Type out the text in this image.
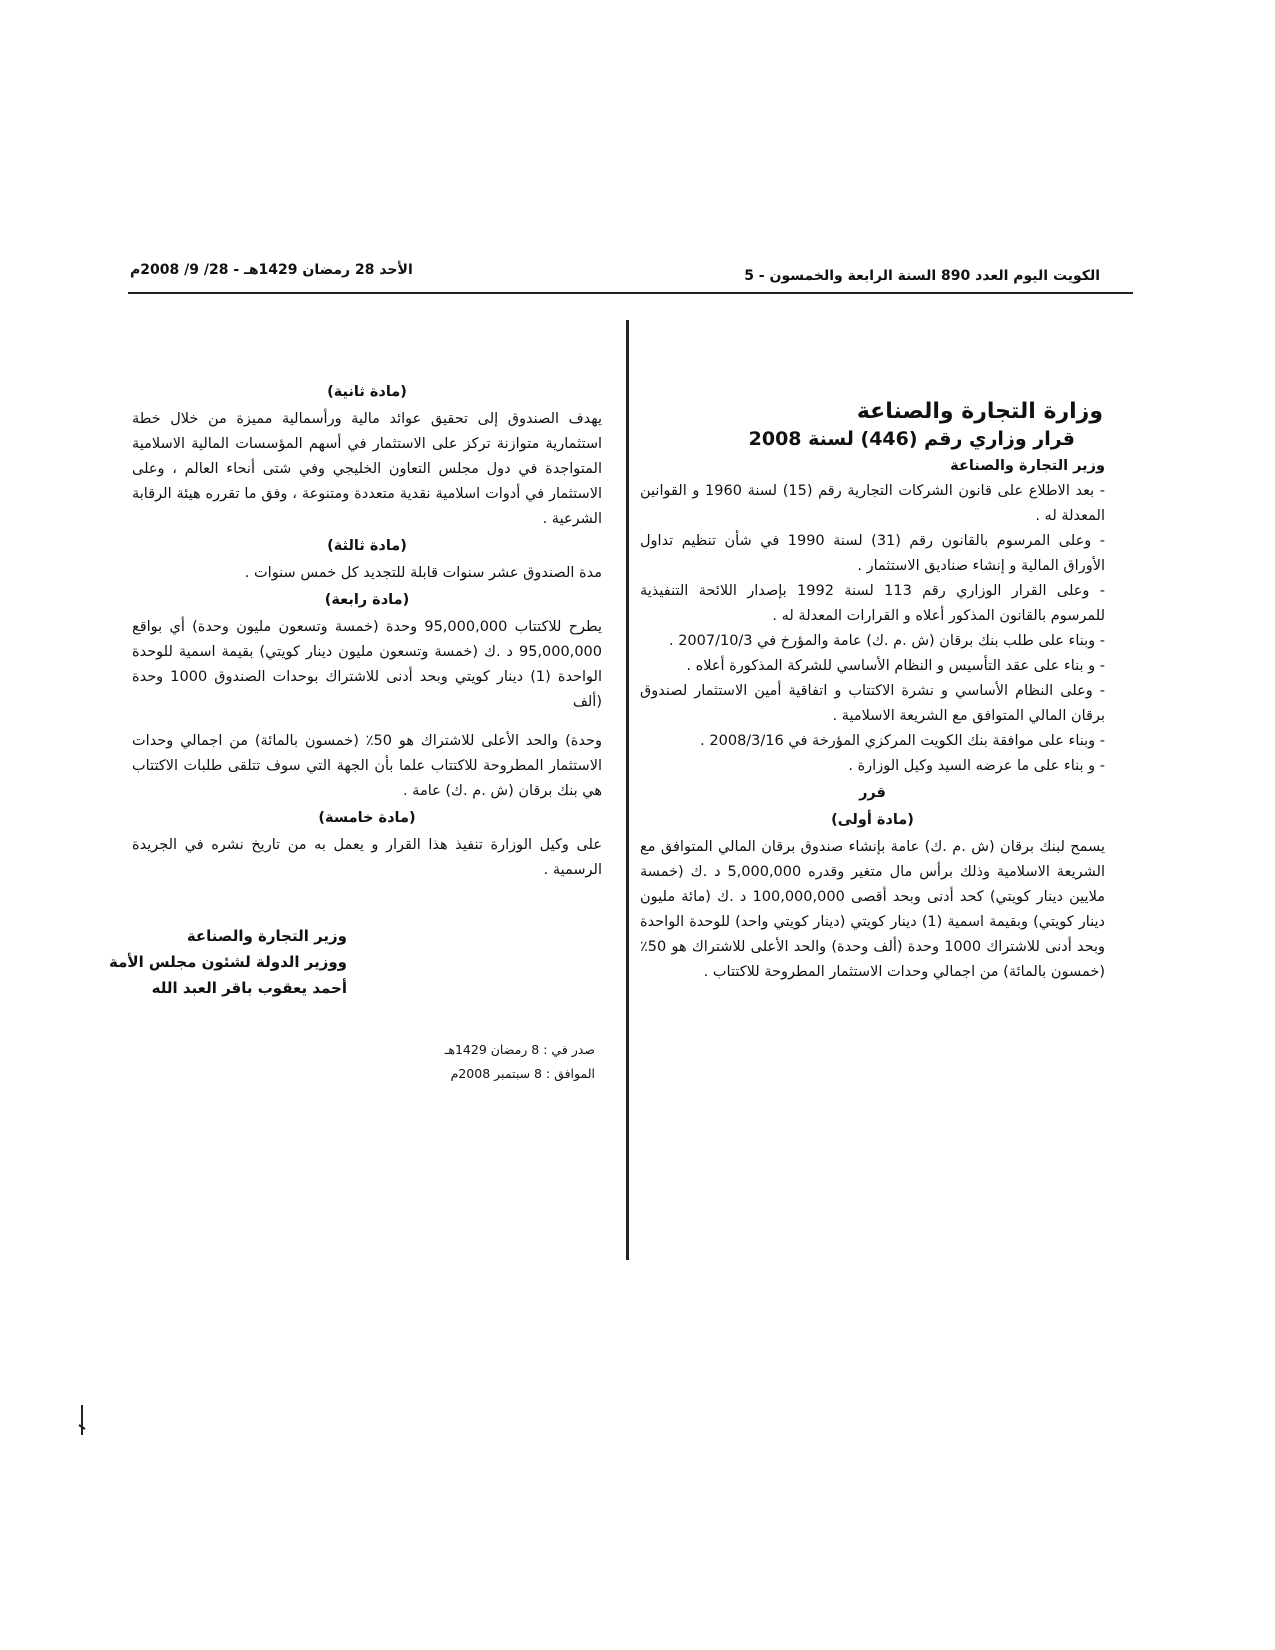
الكويت اليوم العدد 890 السنة الرابعة والخمسون - 5
الأحد 28 رمضان 1429هـ - 28/ 9/ 2008م
وزارة التجارة والصناعة
قرار وزاري رقم (446) لسنة 2008
وزير التجارة والصناعة

- بعد الاطلاع على قانون الشركات التجارية رقم (15) لسنة 1960 و القوانين المعدلة له .

- وعلى المرسوم بالقانون رقم (31) لسنة 1990 في شأن تنظيم تداول الأوراق المالية و إنشاء صناديق الاستثمار .

- وعلى القرار الوزاري رقم 113 لسنة 1992 بإصدار اللائحة التنفيذية للمرسوم بالقانون المذكور أعلاه و القرارات المعدلة له .

- وبناء على طلب بنك برقان (ش .م .ك) عامة والمؤرخ في 2007/10/3 .

- و بناء على عقد التأسيس و النظام الأساسي للشركة المذكورة أعلاه .

- وعلى النظام الأساسي و نشرة الاكتتاب و اتفاقية أمين الاستثمار لصندوق برقان المالي المتوافق مع الشريعة الاسلامية .

- وبناء على موافقة بنك الكويت المركزي المؤرخة في 2008/3/16 .

- و بناء على ما عرضه السيد وكيل الوزارة .

قرر
(مادة أولى)

يسمح لبنك برقان (ش .م .ك) عامة بإنشاء صندوق برقان المالي المتوافق مع الشريعة الاسلامية وذلك برأس مال متغير وقدره 5,000,000 د .ك (خمسة ملايين دينار كويتي) كحد أدنى وبحد أقصى 100,000,000 د .ك (مائة مليون دينار كويتي) وبقيمة اسمية (1) دينار كويتي (دينار كويتي واحد) للوحدة الواحدة وبحد أدنى للاشتراك 1000 وحدة (ألف وحدة) والحد الأعلى للاشتراك هو 50٪ (خمسون بالمائة) من اجمالي وحدات الاستثمار المطروحة للاكتتاب .

(مادة ثانية)

يهدف الصندوق إلى تحقيق عوائد مالية ورأسمالية مميزة من خلال خطة استثمارية متوازنة تركز على الاستثمار في أسهم المؤسسات المالية الاسلامية المتواجدة في دول مجلس التعاون الخليجي وفي شتى أنحاء العالم ، وعلى الاستثمار في أدوات اسلامية نقدية متعددة ومتنوعة ، وفق ما تقرره هيئة الرقابة الشرعية .

(مادة ثالثة)

مدة الصندوق عشر سنوات قابلة للتجديد كل خمس سنوات .

(مادة رابعة)

يطرح للاكتتاب 95,000,000 وحدة (خمسة وتسعون مليون وحدة) أي بواقع 95,000,000 د .ك (خمسة وتسعون مليون دينار كويتي) بقيمة اسمية للوحدة الواحدة (1) دينار كويتي وبحد أدنى للاشتراك بوحدات الصندوق 1000 وحدة (ألف

وحدة) والحد الأعلى للاشتراك هو 50٪ (خمسون بالمائة) من اجمالي وحدات الاستثمار المطروحة للاكتتاب علما بأن الجهة التي سوف تتلقى طلبات الاكتتاب هي بنك برقان (ش .م .ك) عامة .

(مادة خامسة)

على وكيل الوزارة تنفيذ هذا القرار و يعمل به من تاريخ نشره في الجريدة الرسمية .

وزير التجارة والصناعة
ووزير الدولة لشئون مجلس الأمة
أحمد يعقوب باقر العبد الله
صدر في : 8 رمضان 1429هـ
الموافق : 8 سبتمبر 2008م
